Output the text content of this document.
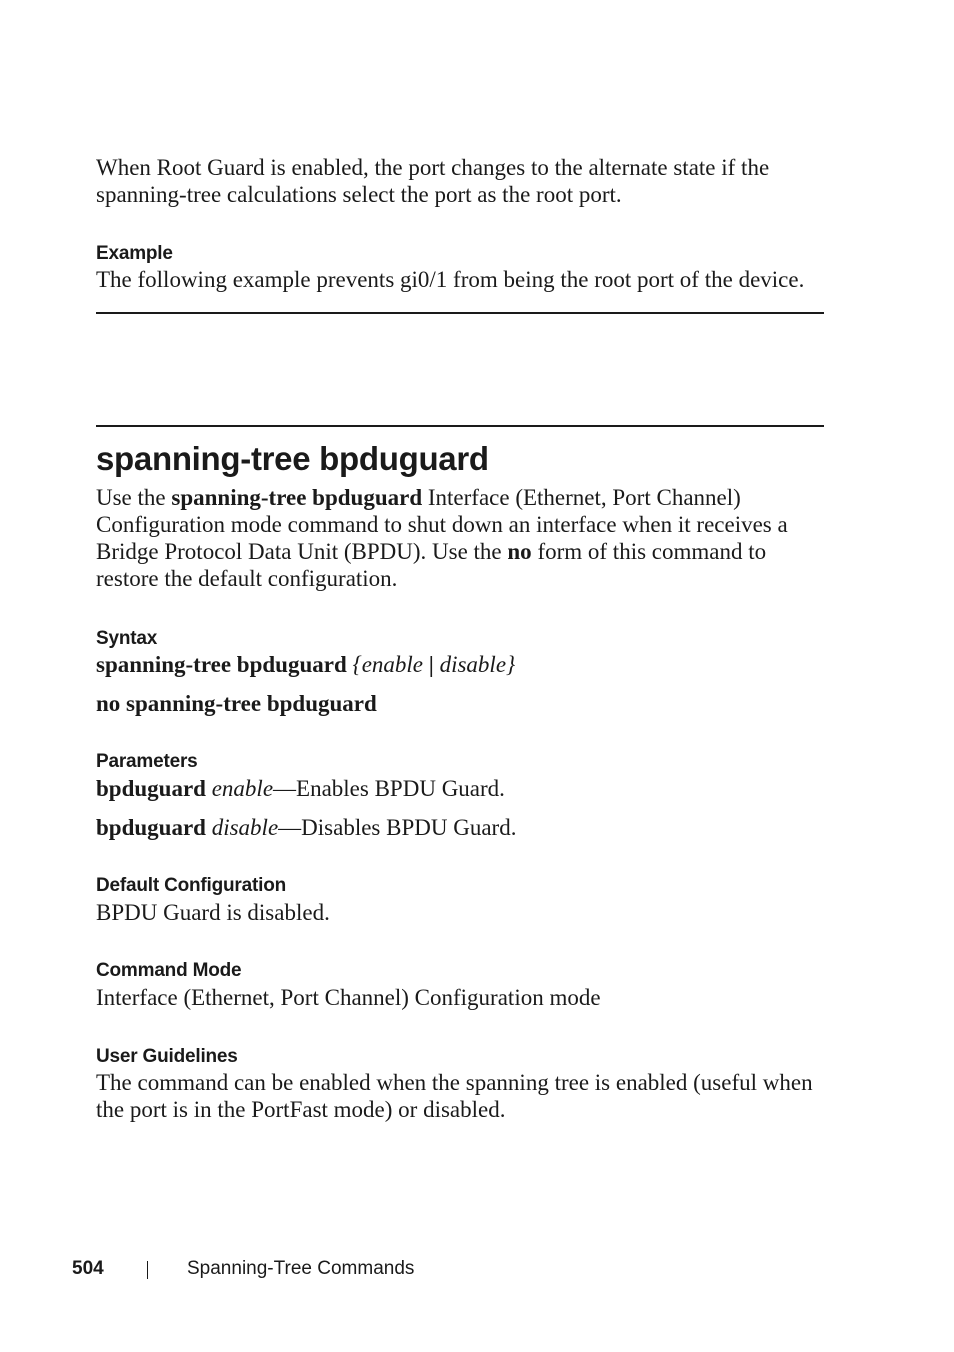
When Root Guard is enabled, the port changes to the alternate state if the spanning-tree calculations select the port as the root port.
Example
The following example prevents gi0/1 from being the root port of the device.
spanning-tree bpduguard
Use the spanning-tree bpduguard Interface (Ethernet, Port Channel) Configuration mode command to shut down an interface when it receives a Bridge Protocol Data Unit (BPDU). Use the no form of this command to restore the default configuration.
Syntax
spanning-tree bpduguard {enable | disable}
no spanning-tree bpduguard
Parameters
bpduguard enable—Enables BPDU Guard.
bpduguard disable—Disables BPDU Guard.
Default Configuration
BPDU Guard is disabled.
Command Mode
Interface (Ethernet, Port Channel) Configuration mode
User Guidelines
The command can be enabled when the spanning tree is enabled (useful when the port is in the PortFast mode) or disabled.
504	Spanning-Tree Commands
